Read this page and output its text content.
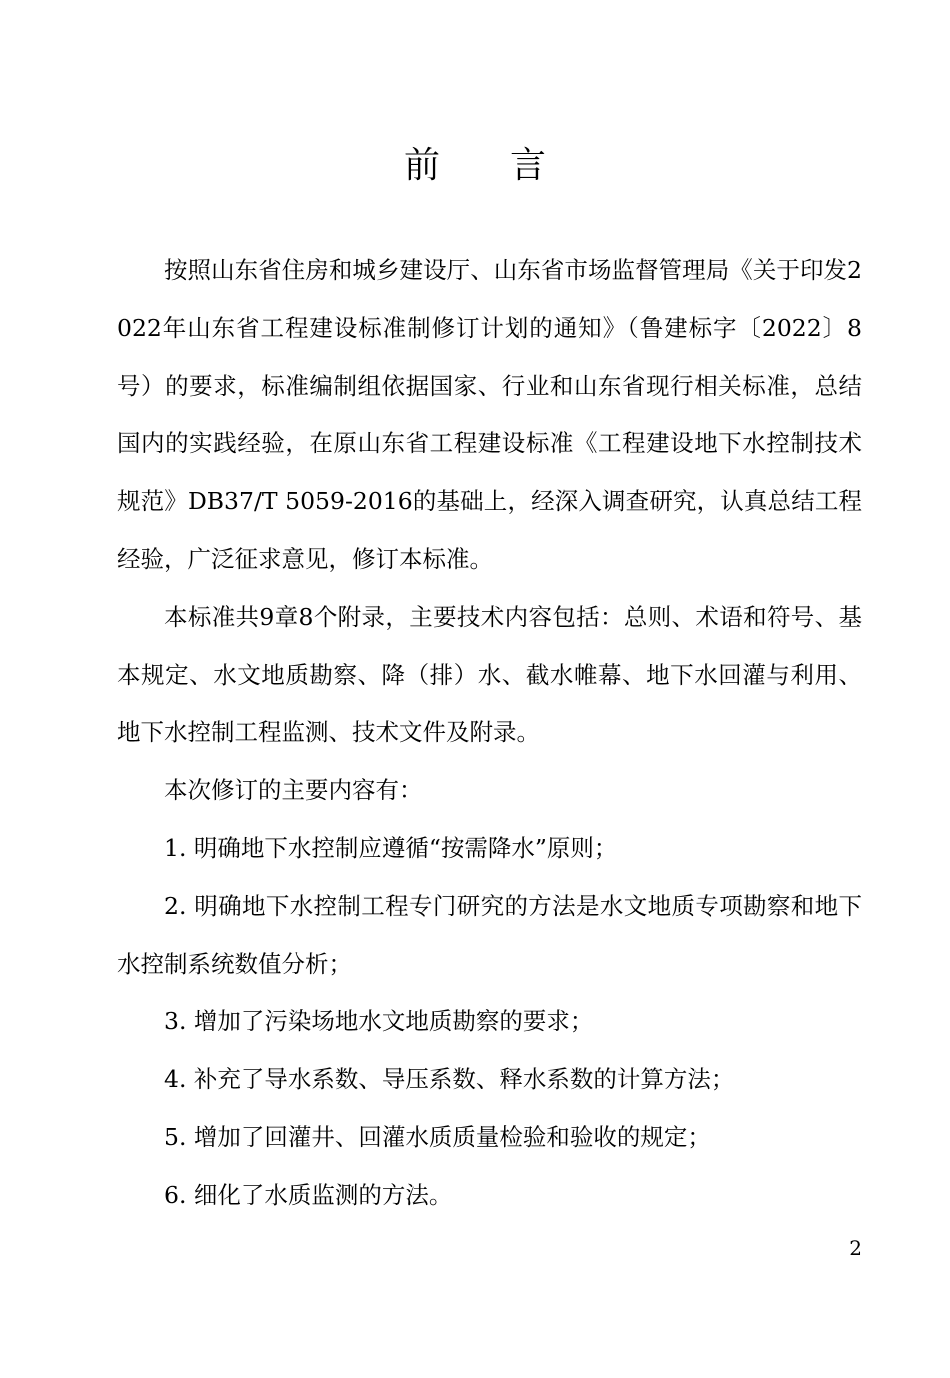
前言

按照山东省住房和城乡建设厅、山东省市场监督管理局《关于印发2022年山东省工程建设标准制修订计划的通知》（鲁建标字〔2022〕8号）的要求，标准编制组依据国家、行业和山东省现行相关标准，总结国内的实践经验，在原山东省工程建设标准《工程建设地下水控制技术规范》DB37/T 5059-2016的基础上，经深入调查研究，认真总结工程经验，广泛征求意见，修订本标准。

本标准共9章8个附录，主要技术内容包括：总则、术语和符号、基本规定、水文地质勘察、降（排）水、截水帷幕、地下水回灌与利用、地下水控制工程监测、技术文件及附录。

本次修订的主要内容有：

1. 明确地下水控制应遵循“按需降水”原则；

2. 明确地下水控制工程专门研究的方法是水文地质专项勘察和地下水控制系统数值分析；

3. 增加了污染场地水文地质勘察的要求；

4. 补充了导水系数、导压系数、释水系数的计算方法；

5. 增加了回灌井、回灌水质质量检验和验收的规定；

6. 细化了水质监测的方法。

2
